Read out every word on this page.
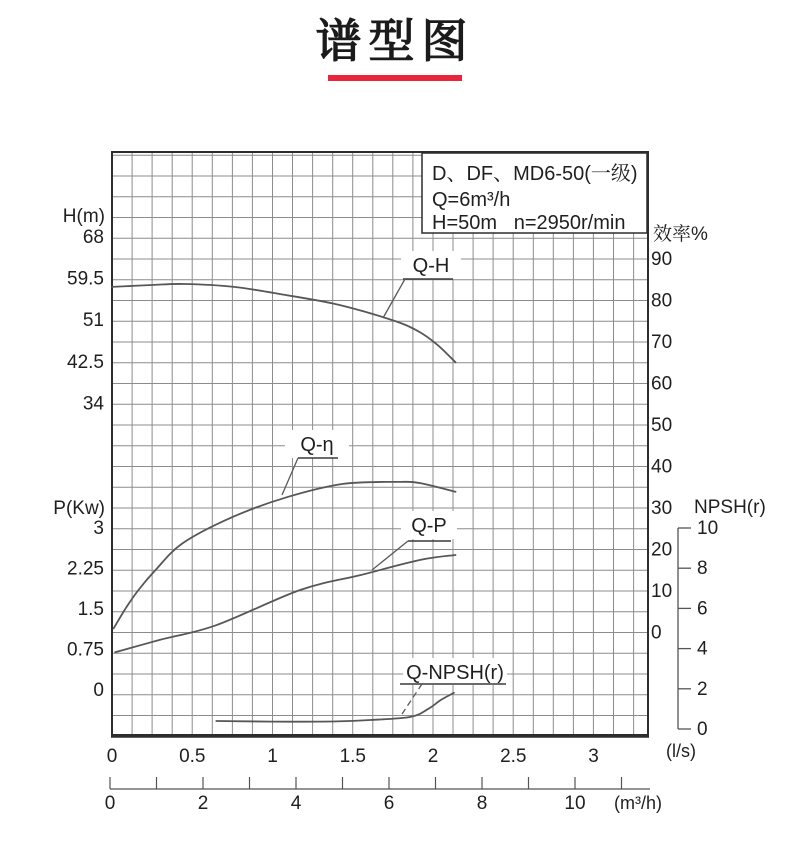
谱型图
D、DF、MD6-50(一级)
Q=6m³/h
H=50m   n=2950r/min
H(m)
68
59.5
51
42.5
34
P(Kw)
3
2.25
1.5
0.75
0
效率%
90
80
70
60
50
40
30
20
10
0
NPSH(r)
10
8
6
4
2
0
0	0.5	1	1.5	2	2.5	3	(l/s)
0	2	4	6	8	10 (m³/h)
Q-H
Q-η
Q-P
Q-NPSH(r)
